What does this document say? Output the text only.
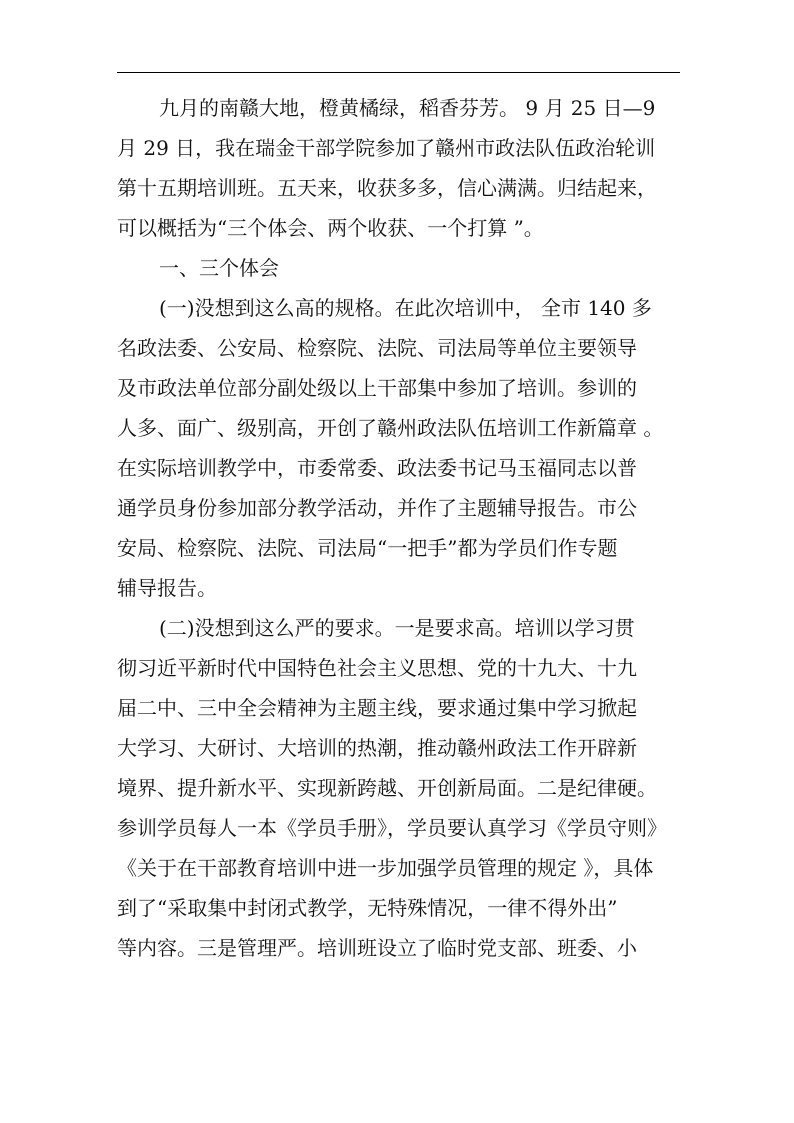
九月的南赣大地，橙黄橘绿，稻香芬芳。 9 月 25 日—9
月 29 日，我在瑞金干部学院参加了赣州市政法队伍政治轮训
第十五期培训班。五天来，收获多多，信心满满。归结起来，
可以概括为“三个体会、两个收获、一个打算 ”。
一、三个体会
(一)没想到这么高的规格。在此次培训中， 全市 140 多
名政法委、公安局、检察院、法院、司法局等单位主要领导
及市政法单位部分副处级以上干部集中参加了培训。参训的
人多、面广、级别高，开创了赣州政法队伍培训工作新篇章 。
在实际培训教学中，市委常委、政法委书记马玉福同志以普
通学员身份参加部分教学活动，并作了主题辅导报告。市公
安局、检察院、法院、司法局“一把手”都为学员们作专题
辅导报告。
(二)没想到这么严的要求。一是要求高。培训以学习贯
彻习近平新时代中国特色社会主义思想、党的十九大、十九
届二中、三中全会精神为主题主线，要求通过集中学习掀起
大学习、大研讨、大培训的热潮，推动赣州政法工作开辟新
境界、提升新水平、实现新跨越、开创新局面。二是纪律硬。
参训学员每人一本《学员手册》，学员要认真学习《学员守则》
《关于在干部教育培训中进一步加强学员管理的规定 》，具体
到了“采取集中封闭式教学，无特殊情况，一律不得外出”
等内容。三是管理严。培训班设立了临时党支部、班委、小
